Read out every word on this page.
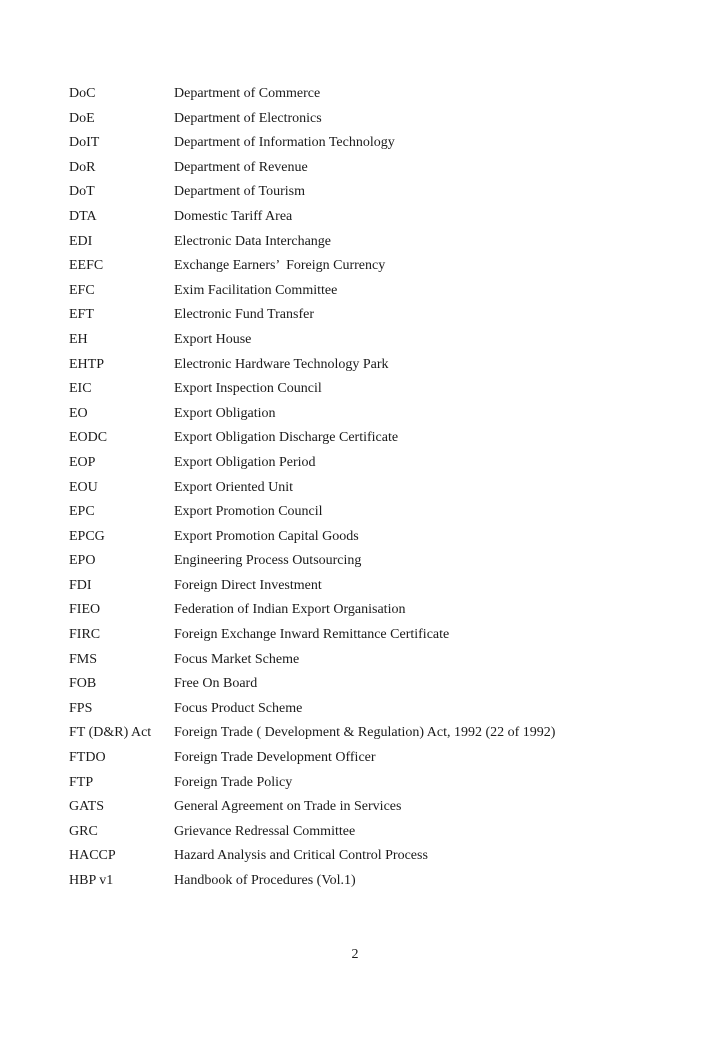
DoC	Department of Commerce
DoE	Department of Electronics
DoIT	Department of Information Technology
DoR	Department of Revenue
DoT	Department of Tourism
DTA	Domestic Tariff Area
EDI	Electronic Data Interchange
EEFC	Exchange Earners’  Foreign Currency
EFC	Exim Facilitation Committee
EFT	Electronic Fund Transfer
EH	Export House
EHTP	Electronic Hardware Technology Park
EIC	Export Inspection Council
EO	Export Obligation
EODC	Export Obligation Discharge Certificate
EOP	Export Obligation Period
EOU	Export Oriented Unit
EPC	Export Promotion Council
EPCG	Export Promotion Capital Goods
EPO	Engineering Process Outsourcing
FDI	Foreign Direct Investment
FIEO	Federation of Indian Export Organisation
FIRC	Foreign Exchange Inward Remittance Certificate
FMS	Focus Market Scheme
FOB	Free On Board
FPS	Focus Product Scheme
FT (D&R) Act	Foreign Trade ( Development & Regulation) Act, 1992 (22 of 1992)
FTDO	Foreign Trade Development Officer
FTP	Foreign Trade Policy
GATS	General Agreement on Trade in Services
GRC	Grievance Redressal Committee
HACCP	Hazard Analysis and Critical Control Process
HBP v1	Handbook of Procedures (Vol.1)
2
